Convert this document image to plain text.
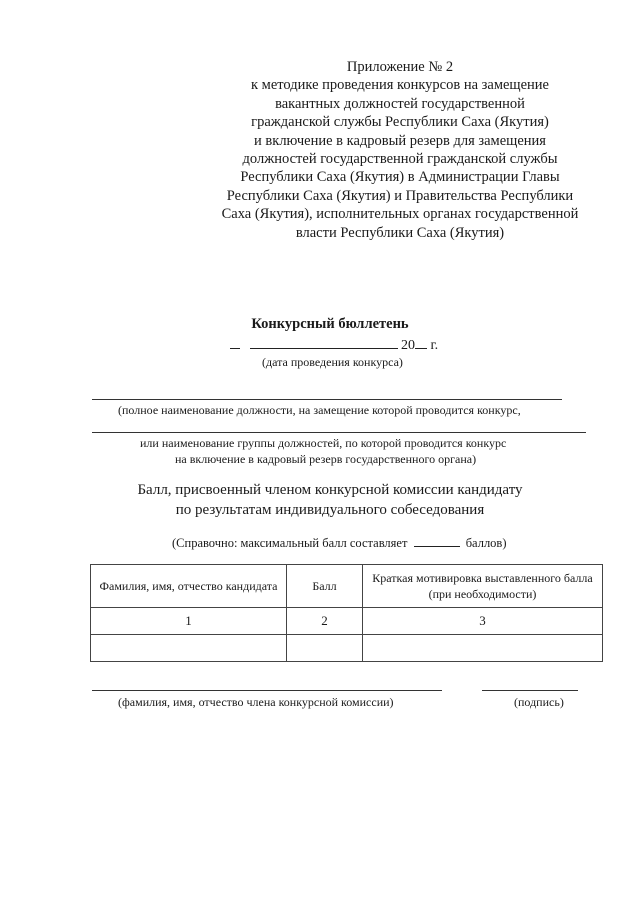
Приложение № 2
к методике проведения конкурсов на замещение
вакантных должностей государственной
гражданской службы Республики Саха (Якутия)
и включение в кадровый резерв для замещения
должностей государственной гражданской службы
Республики Саха (Якутия) в Администрации Главы
Республики Саха (Якутия) и Правительства Республики
Саха (Якутия), исполнительных органах государственной
власти Республики Саха (Якутия)
Конкурсный бюллетень
20 г.
(дата проведения конкурса)
(полное наименование должности, на замещение которой проводится конкурс,
или наименование группы должностей, по которой проводится конкурс
на включение в кадровый резерв государственного органа)
Балл, присвоенный членом конкурсной комиссии кандидату
по результатам индивидуального собеседования
(Справочно: максимальный балл составляет	баллов)
Фамилия, имя, отчество кандидата	Балл	Краткая мотивировка выставленного балла (при необходимости)
1	2	3

(фамилия, имя, отчество члена конкурсной комиссии)	(подпись)
